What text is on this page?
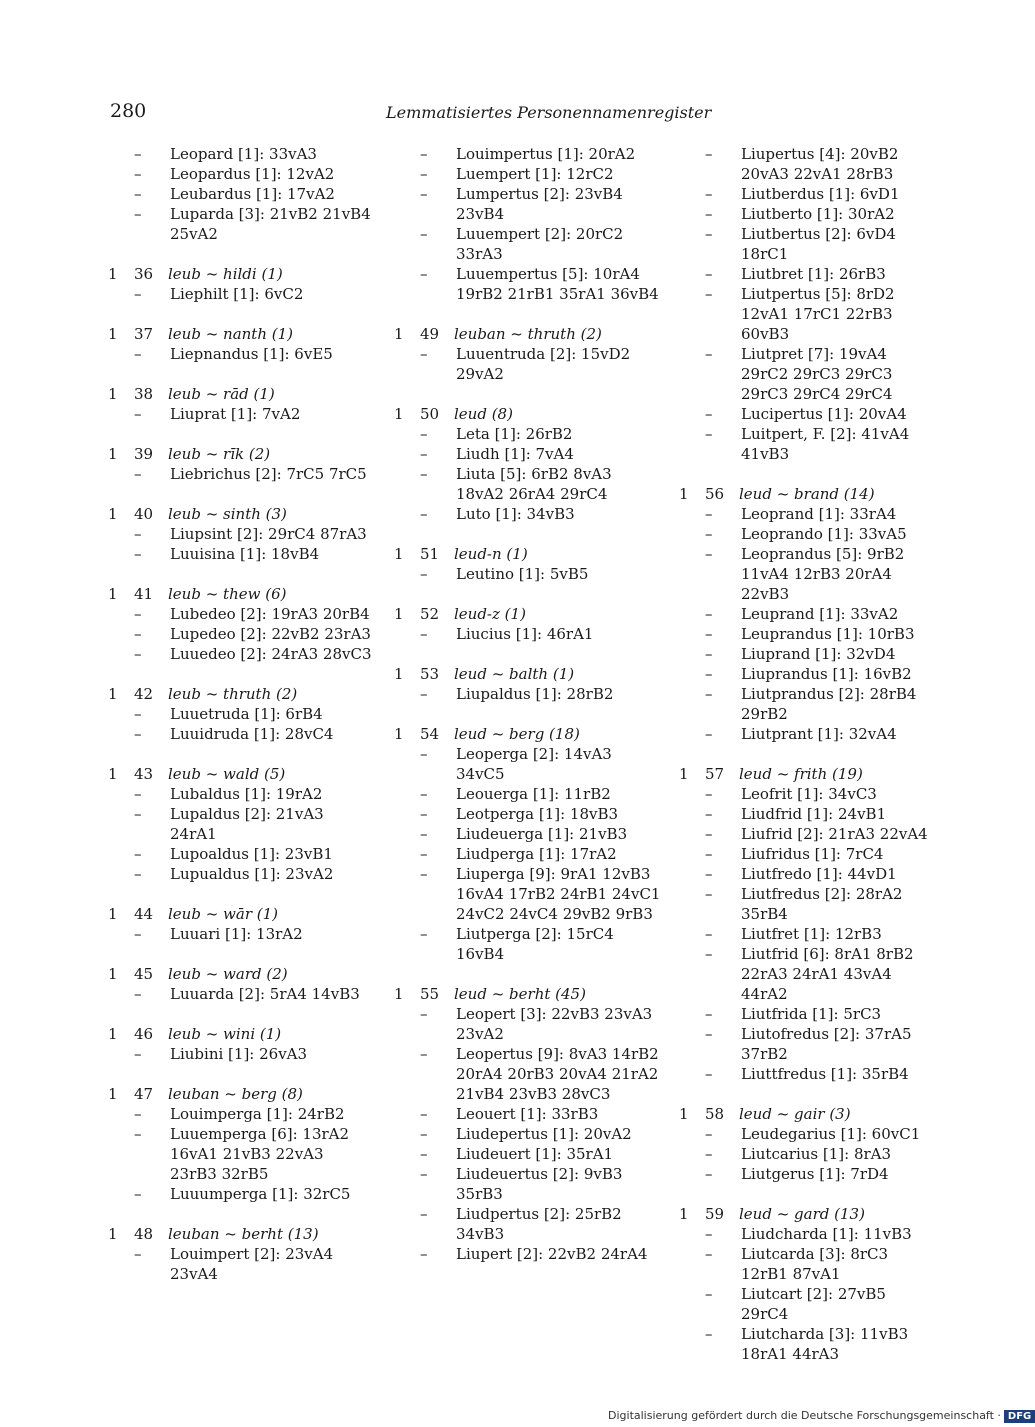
280	Lemmatisiertes Personennamenregister
– Leopard [1]: 33vA3
– Leopardus [1]: 12vA2
– Leubardus [1]: 17vA2
– Luparda [3]: 21vB2 21vB4 25vA2
1 36 leub ~ hildi (1)
– Liephilt [1]: 6vC2
1 37 leub ~ nanth (1)
– Liepnandus [1]: 6vE5
1 38 leub ~ rād (1)
– Liuprat [1]: 7vA2
1 39 leub ~ rīk (2)
– Liebrichus [2]: 7rC5 7rC5
1 40 leub ~ sinth (3)
– Liupsint [2]: 29rC4 87rA3
– Luuisina [1]: 18vB4
1 41 leub ~ thew (6)
– Lubedeo [2]: 19rA3 20rB4
– Lupedeo [2]: 22vB2 23rA3
– Luuedeo [2]: 24rA3 28vC3
1 42 leub ~ thruth (2)
– Luuetruda [1]: 6rB4
– Luuidruda [1]: 28vC4
1 43 leub ~ wald (5)
– Lubaldus [1]: 19rA2
– Lupaldus [2]: 21vA3 24rA1
– Lupoaldus [1]: 23vB1
– Lupualdus [1]: 23vA2
1 44 leub ~ wār (1)
– Luuari [1]: 13rA2
1 45 leub ~ ward (2)
– Luuarda [2]: 5rA4 14vB3
1 46 leub ~ wini (1)
– Liubini [1]: 26vA3
1 47 leuban ~ berg (8)
– Louimperga [1]: 24rB2
– Luuemperga [6]: 13rA2 16vA1 21vB3 22vA3 23rB3 32rB5
– Luuumperga [1]: 32rC5
1 48 leuban ~ berht (13)
– Louimpert [2]: 23vA4 23vA4
– Louimpertus [1]: 20rA2
– Luempert [1]: 12rC2
– Lumpertus [2]: 23vB4 23vB4
– Luuempert [2]: 20rC2 33rA3
– Luuempertus [5]: 10rA4 19rB2 21rB1 35rA1 36vB4
1 49 leuban ~ thruth (2)
– Luuentruda [2]: 15vD2 29vA2
1 50 leud (8)
– Leta [1]: 26rB2
– Liudh [1]: 7vA4
– Liuta [5]: 6rB2 8vA3 18vA2 26rA4 29rC4
– Luto [1]: 34vB3
1 51 leud-n (1)
– Leutino [1]: 5vB5
1 52 leud-z (1)
– Liucius [1]: 46rA1
1 53 leud ~ balth (1)
– Liupaldus [1]: 28rB2
1 54 leud ~ berg (18)
– Leoperga [2]: 14vA3 34vC5
– Leouerga [1]: 11rB2
– Leotperga [1]: 18vB3
– Liudeuerga [1]: 21vB3
– Liudperga [1]: 17rA2
– Liuperga [9]: 9rA1 12vB3 16vA4 17rB2 24rB1 24vC1 24vC2 24vC4 29vB2 9rB3
– Liutperga [2]: 15rC4 16vB4
1 55 leud ~ berht (45)
– Leopert [3]: 22vB3 23vA3 23vA2
– Leopertus [9]: 8vA3 14rB2 20rA4 20rB3 20vA4 21rA2 21vB4 23vB3 28vC3
– Leouert [1]: 33rB3
– Liudepertus [1]: 20vA2
– Liudeuert [1]: 35rA1
– Liudeuertus [2]: 9vB3 35rB3
– Liudpertus [2]: 25rB2 34vB3
– Liupert [2]: 22vB2 24rA4
– Liupertus [4]: 20vB2 20vA3 22vA1 28rB3
– Liutberdus [1]: 6vD1
– Liutberto [1]: 30rA2
– Liutbertus [2]: 6vD4 18rC1
– Liutbret [1]: 26rB3
– Liutpertus [5]: 8rD2 12vA1 17rC1 22rB3 60vB3
– Liutpret [7]: 19vA4 29rC2 29rC3 29rC3 29rC3 29rC4 29rC4
– Lucipertus [1]: 20vA4
– Luitpert, F. [2]: 41vA4 41vB3
1 56 leud ~ brand (14)
– Leoprand [1]: 33rA4
– Leoprando [1]: 33vA5
– Leoprandus [5]: 9rB2 11vA4 12rB3 20rA4 22vB3
– Leuprand [1]: 33vA2
– Leuprandus [1]: 10rB3
– Liuprand [1]: 32vD4
– Liuprandus [1]: 16vB2
– Liutprandus [2]: 28rB4 29rB2
– Liutprant [1]: 32vA4
1 57 leud ~ frith (19)
– Leofrit [1]: 34vC3
– Liudfrid [1]: 24vB1
– Liufrid [2]: 21rA3 22vA4
– Liufridus [1]: 7rC4
– Liutfredo [1]: 44vD1
– Liutfredus [2]: 28rA2 35rB4
– Liutfret [1]: 12rB3
– Liutfrid [6]: 8rA1 8rB2 22rA3 24rA1 43vA4 44rA2
– Liutfrida [1]: 5rC3
– Liutofredus [2]: 37rA5 37rB2
– Liuttfredus [1]: 35rB4
1 58 leud ~ gair (3)
– Leudegarius [1]: 60vC1
– Liutcarius [1]: 8rA3
– Liutgerus [1]: 7rD4
1 59 leud ~ gard (13)
– Liudcharda [1]: 11vB3
– Liutcarda [3]: 8rC3 12rB1 87vA1
– Liutcart [2]: 27vB5 29rC4
– Liutcharda [3]: 11vB3 18rA1 44rA3
Digitalisierung gefördert durch die Deutsche Forschungsgemeinschaft · DFG
